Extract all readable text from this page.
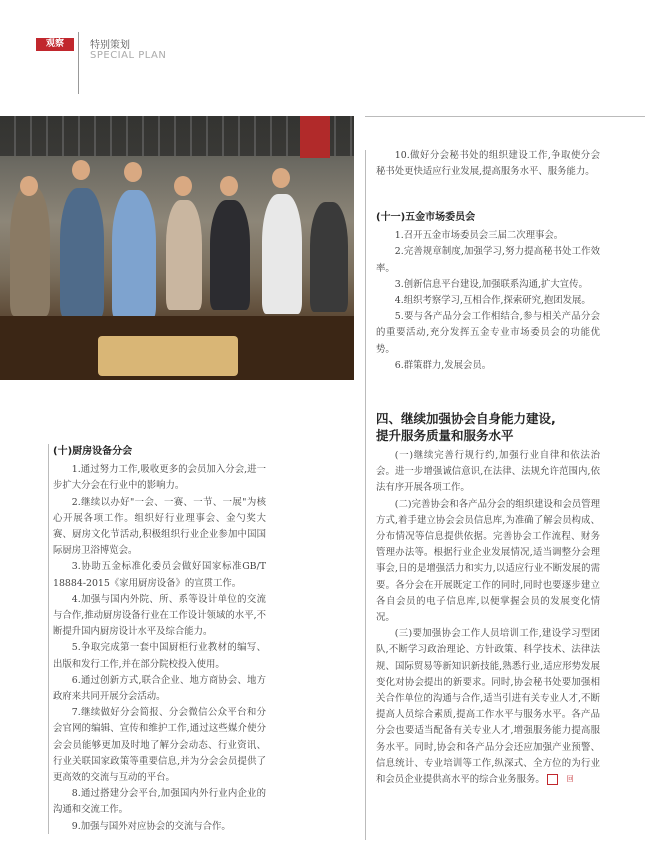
观察	特别策划
SPECIAL PLAN
(十)厨房设备分会

1.通过努力工作,吸收更多的会员加入分会,进一步扩大分会在行业中的影响力。

2.继续以办好"一会、一赛、一节、一展"为核心开展各项工作。组织好行业理事会、金勺奖大赛、厨房文化节活动,积极组织行业企业参加中国国际厨房卫浴博览会。

3.协助五金标准化委员会做好国家标准GB/T 18884-2015《家用厨房设备》的宣贯工作。

4.加强与国内外院、所、系等设计单位的交流与合作,推动厨房设备行业在工作设计领域的水平,不断提升国内厨房设计水平及综合能力。

5.争取完成第一套中国厨柜行业教材的编写、出版和发行工作,并在部分院校投入使用。

6.通过创新方式,联合企业、地方商协会、地方政府来共同开展分会活动。

7.继续做好分会简报、分会微信公众平台和分会官网的编辑、宣传和维护工作,通过这些媒介使分会会员能够更加及时地了解分会动态、行业资讯、行业关联国家政策等重要信息,并为分会会员提供了更高效的交流与互动的平台。

8.通过搭建分会平台,加强国内外行业内企业的沟通和交流工作。

9.加强与国外对应协会的交流与合作。

10.做好分会秘书处的组织建设工作,争取使分会秘书处更快适应行业发展,提高服务水平、服务能力。

(十一)五金市场委员会

1.召开五金市场委员会三届二次理事会。

2.完善规章制度,加强学习,努力提高秘书处工作效率。

3.创新信息平台建设,加强联系沟通,扩大宣传。

4.组织考察学习,互相合作,探索研究,抱团发展。

5.要与各产品分会工作相结合,参与相关产品分会的重要活动,充分发挥五金专业市场委员会的功能优势。

6.群策群力,发展会员。

四、继续加强协会自身能力建设,
提升服务质量和服务水平

(一)继续完善行规行约,加强行业自律和依法治会。进一步增强诚信意识,在法律、法规允许范围内,依法有序开展各项工作。

(二)完善协会和各产品分会的组织建设和会员管理方式,着手建立协会会员信息库,为准确了解会员构成、分布情况等信息提供依据。完善协会工作流程、财务管理办法等。根据行业企业发展情况,适当调整分会理事会,日的是增强活力和实力,以适应行业不断发展的需要。各分会在开展既定工作的同时,同时也要逐步建立各自会员的电子信息库,以便掌握会员的发展变化情况。

(三)要加强协会工作人员培训工作,建设学习型团队,不断学习政治理论、方针政策、科学技术、法律法规、国际贸易等新知识新技能,熟悉行业,适应形势发展变化对协会提出的新要求。同时,协会秘书处要加强相关合作单位的沟通与合作,适当引进有关专业人才,不断提高人员综合素质,提高工作水平与服务水平。各产品分会也要适当配备有关专业人才,增强服务能力提高服务水平。同时,协会和各产品分会还应加强产业预警、信息统计、专业培训等工作,纵深式、全方位的为行业和会员企业提供高水平的综合业务服务。	回
